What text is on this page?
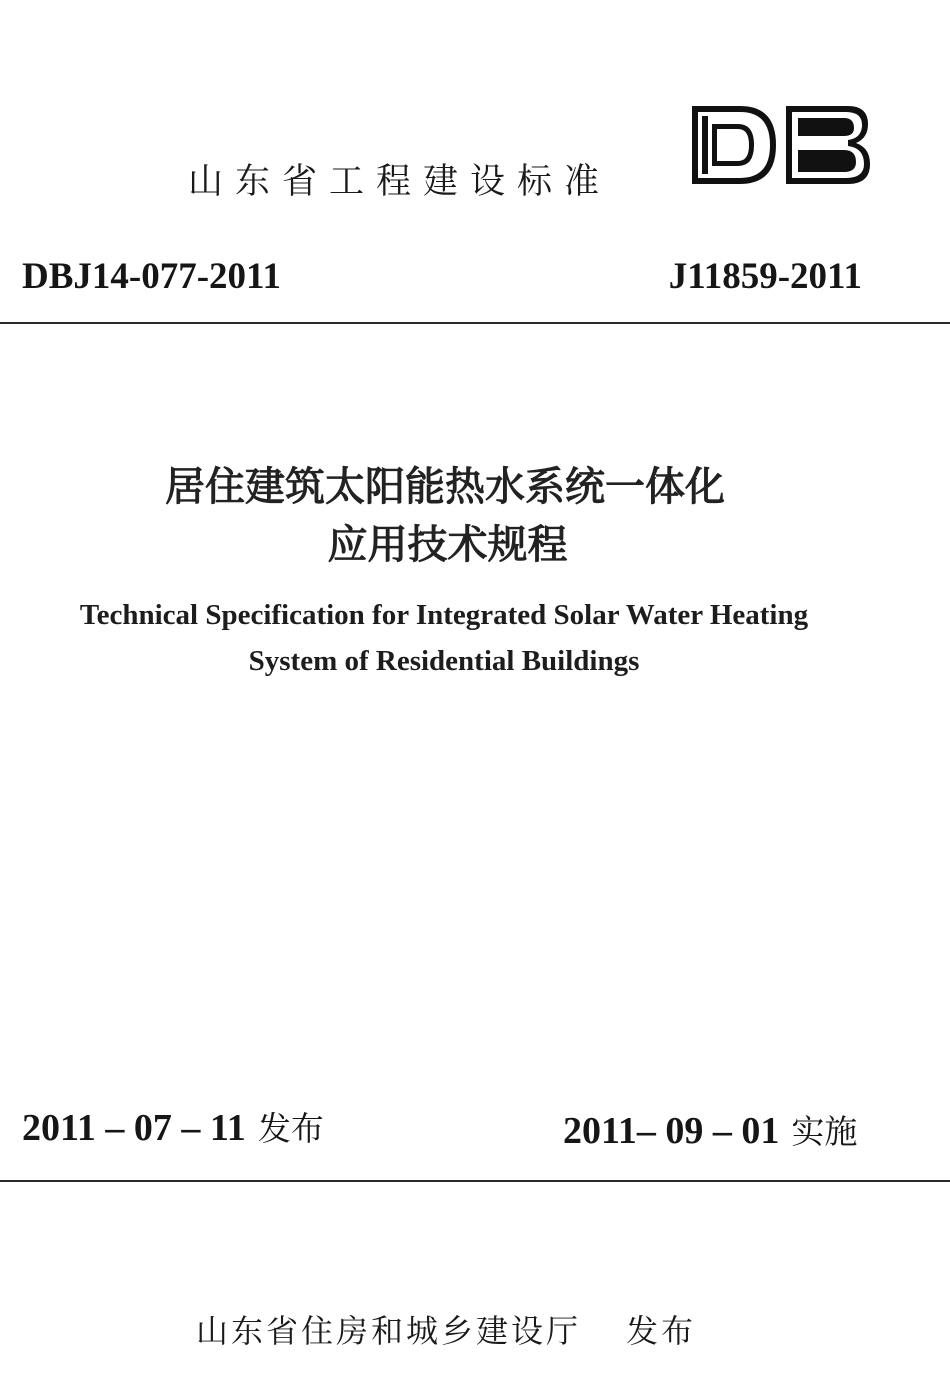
山东省工程建设标准
DBJ14-077-2011	J11859-2011
居住建筑太阳能热水系统一体化
应用技术规程
Technical Specification for Integrated Solar Water Heating
System of Residential Buildings
2011 – 07 – 11 发布	2011– 09 – 01 实施
山东省住房和城乡建设厅 发布
